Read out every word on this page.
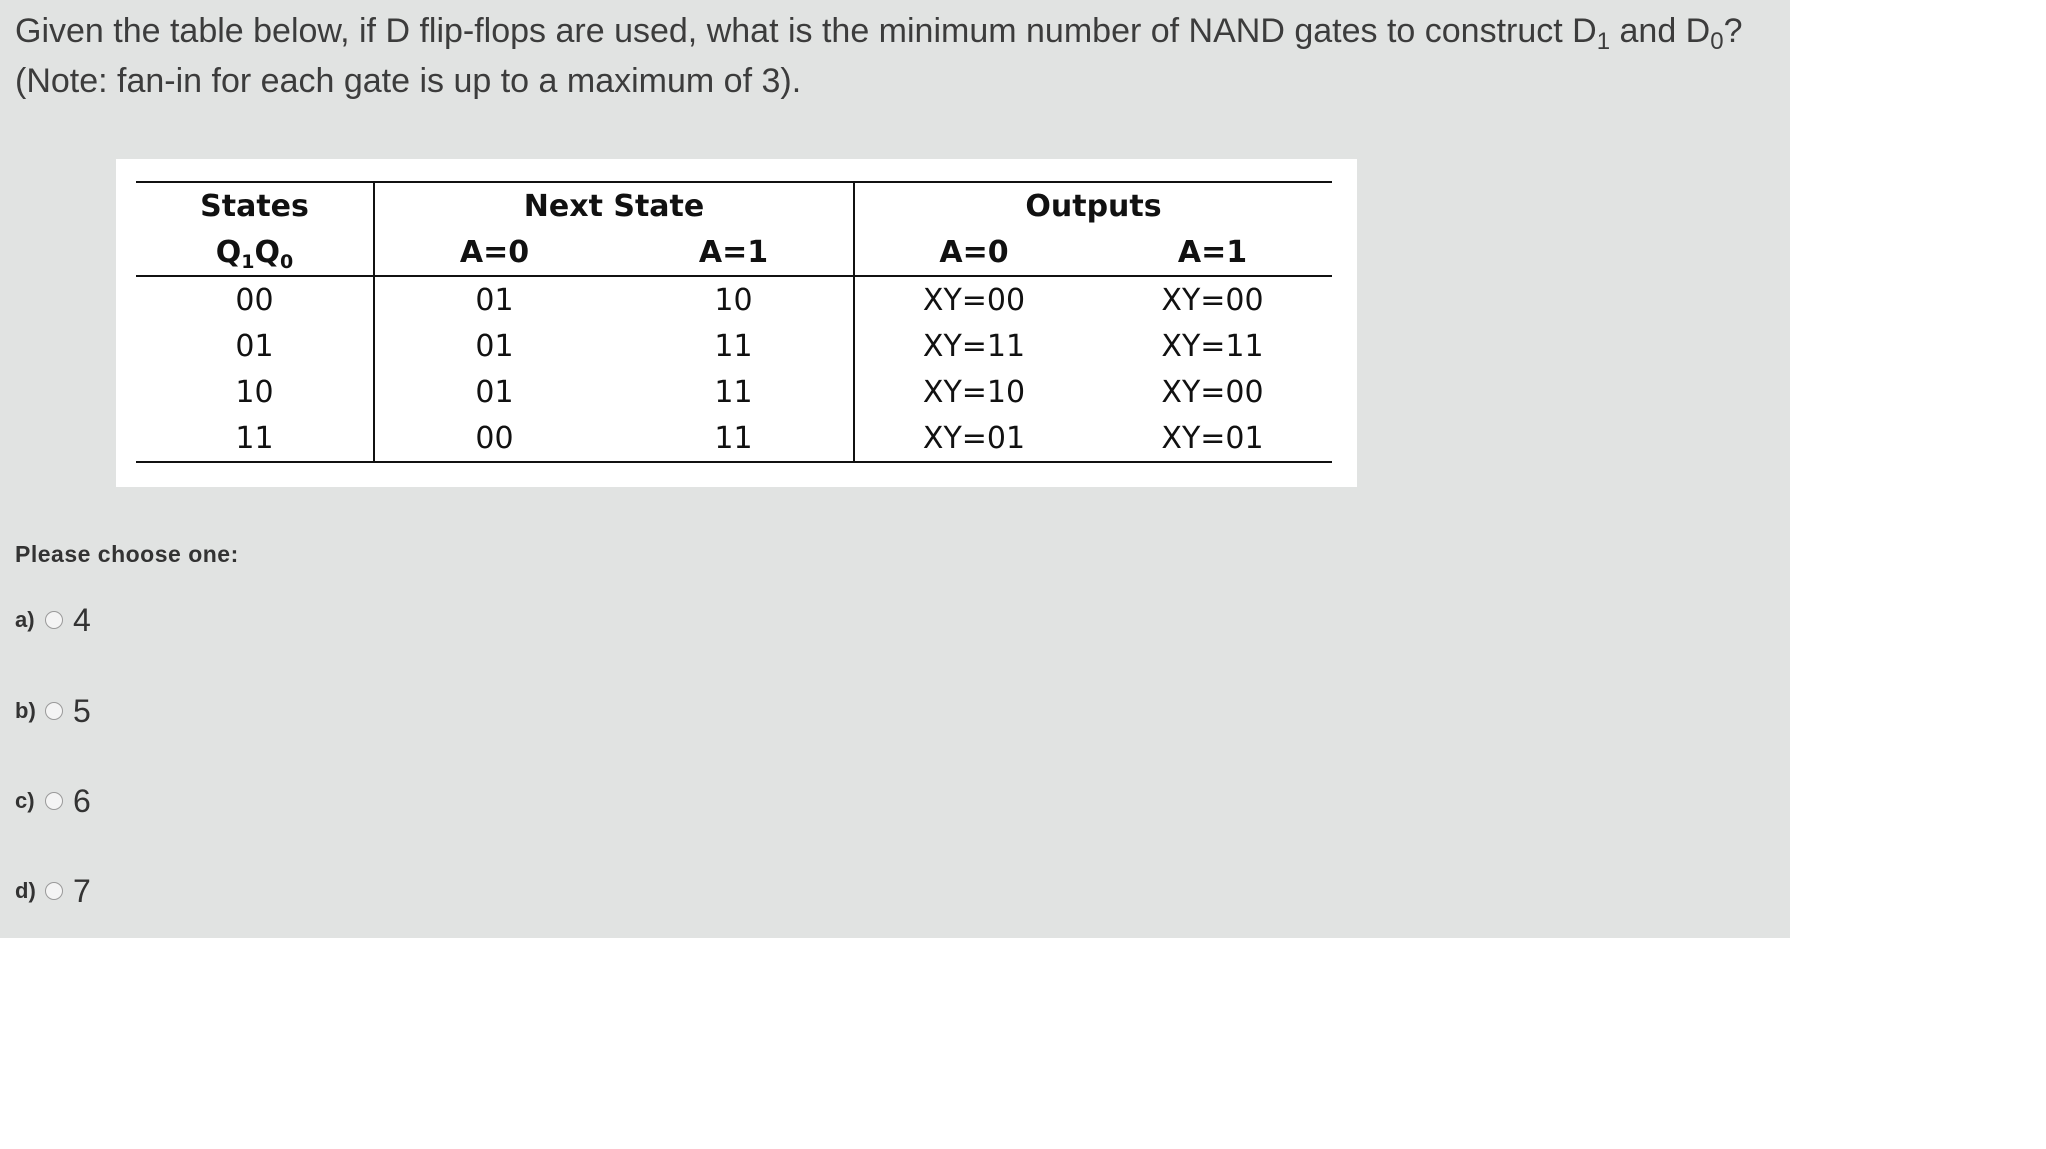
Given the table below, if D flip-flops are used, what is the minimum number of NAND gates to construct $D_1$ and $D_0$? (Note: fan-in for each gate is up to a maximum of 3).
States	Next State		Outputs	
$Q_1Q_0$	A=0	A=1	A=0	A=1
00	01	10	XY=00	XY=00
01	01	11	XY=11	XY=11
10	01	11	XY=10	XY=00
11	00	11	XY=01	XY=01
Please choose one:
a)	4
b) 5
c)	6
d) 7
